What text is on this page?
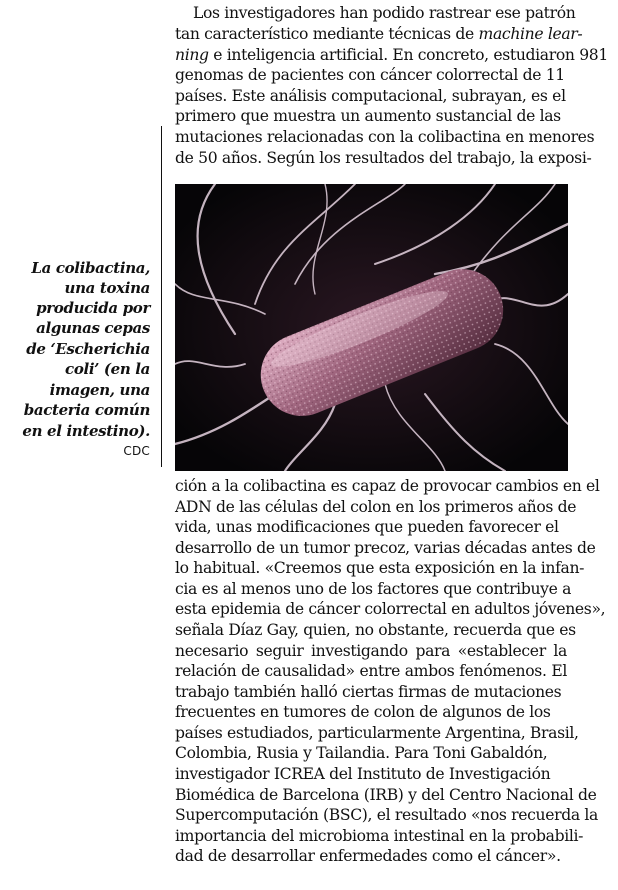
Los investigadores han podido rastrear ese patrón
tan característico mediante técnicas de machine lear-
ning e inteligencia artificial. En concreto, estudiaron 981
genomas de pacientes con cáncer colorrectal de 11
países. Este análisis computacional, subrayan, es el
primero que muestra un aumento sustancial de las
mutaciones relacionadas con la colibactina en menores
de 50 años. Según los resultados del trabajo, la exposi-
La colibactina,
una toxina
producida por
algunas cepas
de ‘Escherichia
coli’ (en la
imagen, una
bacteria común
en el intestino).
CDC
ción a la colibactina es capaz de provocar cambios en el
ADN de las células del colon en los primeros años de
vida, unas modificaciones que pueden favorecer el
desarrollo de un tumor precoz, varias décadas antes de
lo habitual. «Creemos que esta exposición en la infan-
cia es al menos uno de los factores que contribuye a
esta epidemia de cáncer colorrectal en adultos jóvenes»,
señala Díaz Gay, quien, no obstante, recuerda que es
necesario seguir investigando para «establecer la
relación de causalidad» entre ambos fenómenos. El
trabajo también halló ciertas firmas de mutaciones
frecuentes en tumores de colon de algunos de los
países estudiados, particularmente Argentina, Brasil,
Colombia, Rusia y Tailandia. Para Toni Gabaldón,
investigador ICREA del Instituto de Investigación
Biomédica de Barcelona (IRB) y del Centro Nacional de
Supercomputación (BSC), el resultado «nos recuerda la
importancia del microbioma intestinal en la probabili-
dad de desarrollar enfermedades como el cáncer».
